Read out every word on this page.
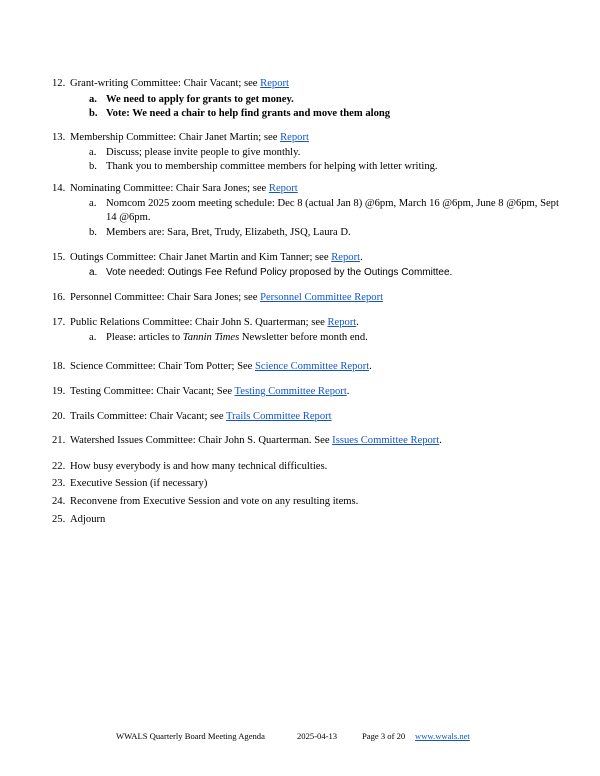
12. Grant-writing Committee: Chair Vacant; see Report
a. We need to apply for grants to get money.
b. Vote: We need a chair to help find grants and move them along
13. Membership Committee: Chair Janet Martin; see Report
a. Discuss; please invite people to give monthly.
b. Thank you to membership committee members for helping with letter writing.
14. Nominating Committee: Chair Sara Jones; see Report
a. Nomcom 2025 zoom meeting schedule: Dec 8 (actual Jan 8) @6pm, March 16 @6pm, June 8 @6pm, Sept 14 @6pm.
b. Members are: Sara, Bret, Trudy, Elizabeth, JSQ, Laura D.
15. Outings Committee: Chair Janet Martin and Kim Tanner; see Report.
a. Vote needed: Outings Fee Refund Policy proposed by the Outings Committee.
16. Personnel Committee: Chair Sara Jones; see Personnel Committee Report
17. Public Relations Committee: Chair John S. Quarterman; see Report.
a. Please: articles to Tannin Times Newsletter before month end.
18. Science Committee: Chair Tom Potter; See Science Committee Report.
19. Testing Committee: Chair Vacant; See Testing Committee Report.
20. Trails Committee: Chair Vacant; see Trails Committee Report
21. Watershed Issues Committee: Chair John S. Quarterman. See Issues Committee Report.
22. How busy everybody is and how many technical difficulties.
23. Executive Session (if necessary)
24. Reconvene from Executive Session and vote on any resulting items.
25. Adjourn
WWALS Quarterly Board Meeting Agenda	2025-04-13	Page 3 of 20 www.wwals.net
